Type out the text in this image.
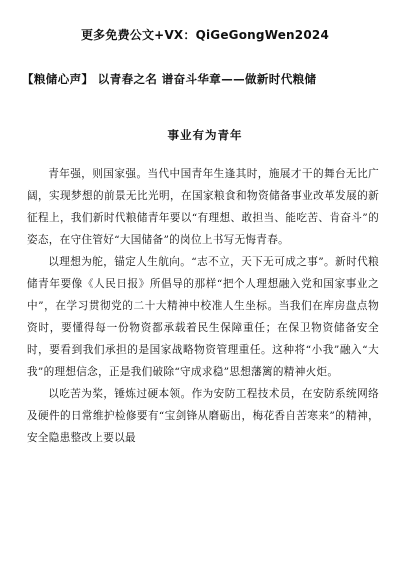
更多免费公文+VX：QiGeGongWen2024
【粮储心声】 以青春之名 谱奋斗华章——做新时代粮储
事业有为青年

青年强，则国家强。当代中国青年生逢其时，施展才干的舞台无比广阔，实现梦想的前景无比光明，在国家粮食和物资储备事业改革发展的新征程上，我们新时代粮储青年要以“有理想、敢担当、能吃苦、肯奋斗”的姿态，在守住管好“大国储备”的岗位上书写无悔青春。

以理想为舵，锚定人生航向。“志不立，天下无可成之事”。新时代粮储青年要像《人民日报》所倡导的那样“把个人理想融入党和国家事业之中”，在学习贯彻党的二十大精神中校准人生坐标。当我们在库房盘点物资时，要懂得每一份物资都承载着民生保障重任；在保卫物资储备安全时，要看到我们承担的是国家战略物资管理重任。这种将“小我”融入“大我”的理想信念，正是我们破除“守成求稳”思想藩篱的精神火炬。

以吃苦为桨，锤炼过硬本领。作为安防工程技术员，在安防系统网络及硬件的日常维护检修要有“宝剑锋从磨砺出，梅花香自苦寒来”的精神，安全隐患整改上要以最
